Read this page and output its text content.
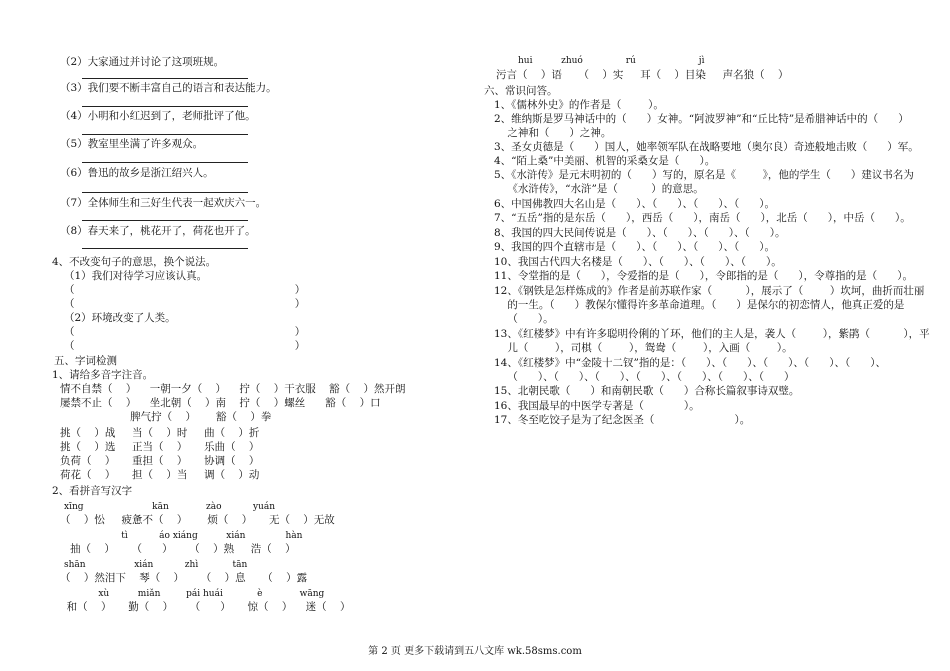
（2）大家通过并讨论了这项班规。
（3）我们要不断丰富自己的语言和表达能力。
（4）小明和小红迟到了，老师批评了他。
（5）教室里坐满了许多观众。
（6）鲁迅的故乡是浙江绍兴人。
（7）全体师生和三好生代表一起欢庆六一。
（8）春天来了，桃花开了，荷花也开了。
4、不改变句子的意思，换个说法。
（1）我们对待学习应该认真。
（                                                                  ）
（                                                                  ）
（2）环境改变了人类。
（                                                                  ）
（                                                                  ）
五、字词检测
1、请给多音字注音。
情不自禁（    ）    一朝一夕（    ）    拧（    ）干衣服    豁（    ）然开朗
屡禁不止（    ）    坐北朝（    ）南    拧（    ）螺丝      豁（    ）口
脾气拧（    ）      豁（    ）拳
挑（    ）战     当（    ）时     曲（    ）折
挑（    ）选     正当（    ）     乐曲（    ）
负荷（    ）     重担（    ）     协调（    ）
荷花（    ）     担（    ）当     调（    ）动
2、看拼音写汉字
xīng                        kān             zào           yuán
（    ）忪     疲惫不（    ）      烦（    ）     无（    ）无故
tì           áo xiáng          xián              hàn
抽（    ）     （      ）     （    ）熟     浩（    ）
shān                 xián           zhì            tān
（    ）然泪下    琴（    ）     （    ）息     （    ）露
xù          miǎn         pái huái            è             wāng
和（    ）     勤（    ）     （      ）     惊（    ）    迷（    ）
hui          zhuó               rú                      jì
污言（    ）语     （    ）实     耳（    ）目染     声名狼（    ）
六、常识问答。
1、《儒林外史》的作者是（        ）。
2、维纳斯是罗马神话中的（      ）女神。“阿波罗神”和“丘比特”是希腊神话中的（      ）
之神和（      ）之神。
3、圣女贞德是（      ）国人，她率领军队在战略要地（奥尔良）奇迹般地击败（      ）军。
4、“陌上桑”中美丽、机智的采桑女是（      ）。
5、《水浒传》是元末明初的（      ）写的，原名是《        》，他的学生（      ）建议书名为
《水浒传》，“水浒”是（          ）的意思。
6、中国佛教四大名山是（      ）、（      ）、（      ）、（      ）。
7、“五岳”指的是东岳（      ），西岳（      ），南岳（      ），北岳（      ），中岳（      ）。
8、我国的四大民间传说是（      ）、（      ）、（      ）、（      ）。
9、我国的四个直辖市是（      ）、（      ）、（      ）、（      ）。
10、我国古代四大名楼是（      ）、（      ）、（      ）、（      ）。
11、令堂指的是（      ），令爱指的是（      ），令郎指的是（      ），令尊指的是（      ）。
12、《钢铁是怎样炼成的》作者是前苏联作家（          ），展示了（        ）坎坷，曲折而壮丽
的一生。（      ）教保尔懂得许多革命道理。（      ）是保尔的初恋情人，他真正爱的是
（      ）。
13、《红楼梦》中有许多聪明伶俐的丫环，他们的主人是，袭人（        ），紫鹃（          ），平
儿（        ），司棋（        ），鸳鸯（        ），入画（        ）。
14、《红楼梦》中“金陵十二钗”指的是：（      ）、（      ）、（      ）、（      ）、（      ）、
（      ）、（      ）、（      ）、（      ）、（      ）、（      ）、（      ）
15、北朝民歌（      ）和南朝民歌（      ）合称长篇叙事诗双璧。
16、我国最早的中医学专著是（            ）。
17、冬至吃饺子是为了纪念医圣（                        ）。
第 2 页 更多下载请到五八文库 wk.58sms.com
